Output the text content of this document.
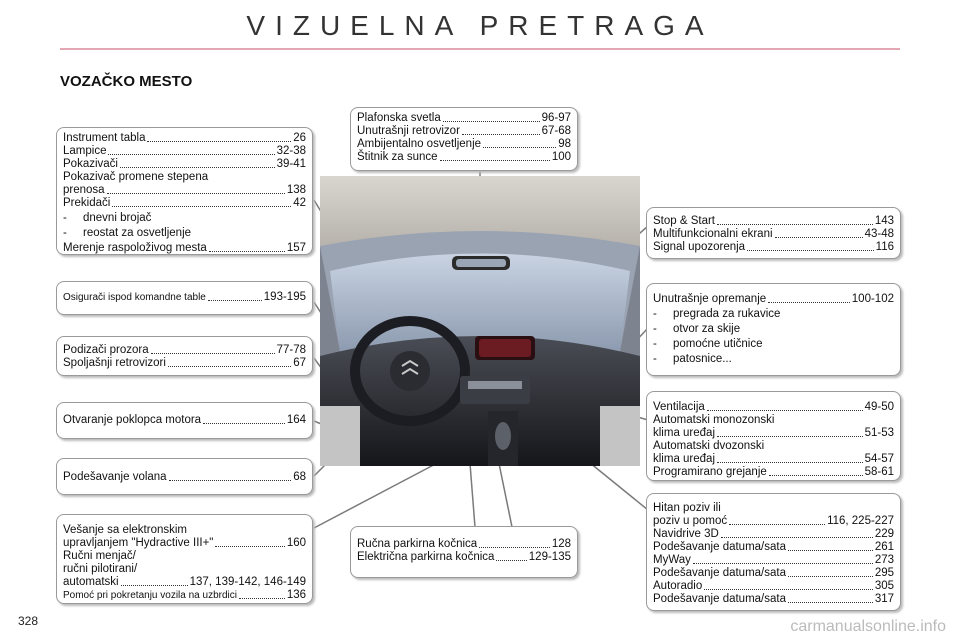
VIZUELNA PRETRAGA
VOZAČKO MESTO
Instrument tabla	26
Lampice	32-38
Pokazivači	39-41
Pokazivač promene stepena
prenosa	138
Prekidači	42
- dnevni brojač
- reostat za osvetljenje
Merenje raspoloživog mesta	157
Osigurači ispod komandne table	193-195
Podizači prozora	77-78
Spoljašnji retrovizori	67
Otvaranje poklopca motora	164
Podešavanje volana	68
Vešanje sa elektronskim
upravljanjem "Hydractive III+"	160
Ručni menjač/
ručni pilotirani/
automatski	137, 139-142, 146-149
Pomoć pri pokretanju vozila na uzbrdici	136
Plafonska svetla	96-97
Unutrašnji retrovizor	67-68
Ambijentalno osvetljenje	98
Štitnik za sunce	100
Ručna parkirna kočnica	128
Električna parkirna kočnica	129-135
Stop & Start	143
Multifunkcionalni ekrani	43-48
Signal upozorenja	116
Unutrašnje opremanje	100-102
- pregrada za rukavice
- otvor za skije
- pomoćne utičnice
- patosnice...
Ventilacija	49-50
Automatski monozonski
klima uređaj	51-53
Automatski dvozonski
klima uređaj	54-57
Programirano grejanje	58-61
Hitan poziv ili
poziv u pomoć	116, 225-227
Navidrive 3D	229
Podešavanje datuma/sata	261
MyWay	273
Podešavanje datuma/sata	295
Autoradio	305
Podešavanje datuma/sata	317
328	carmanualsonline.info
